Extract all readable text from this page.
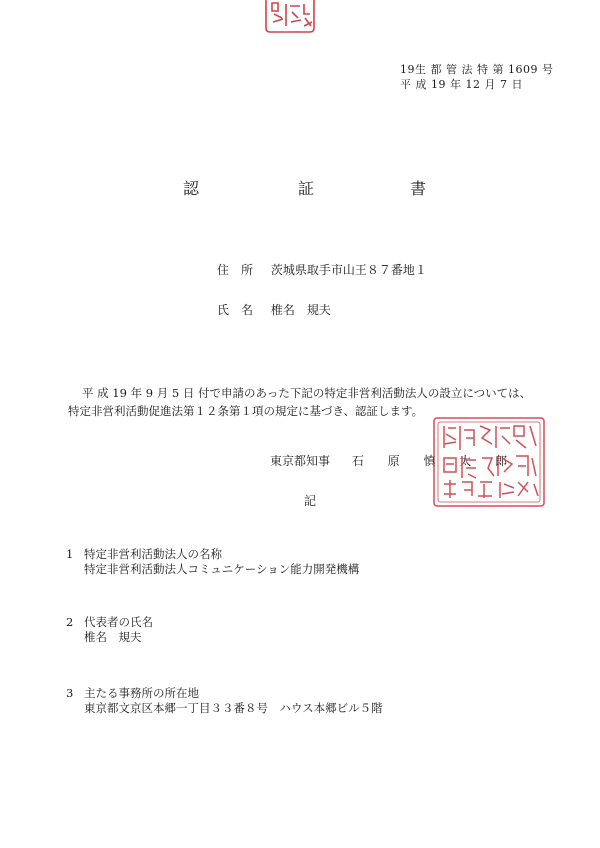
19生 都 管 法 特 第 1609 号
平 成 19 年 12 月 7 日
認	証	書
住　所 茨城県取手市山王８７番地１
氏　名 椎名　規夫
平 成 19 年 9 月 5 日 付で申請のあった下記の特定非営利活動法人の設立については、
特定非営利活動促進法第１２条第１項の規定に基づき、認証します。
東京都知事 石 原 慎 太 郎
記
1 特定非営利活動法人の名称
特定非営利活動法人コミュニケーション能力開発機構
2 代表者の氏名
椎名　規夫
3 主たる事務所の所在地
東京都文京区本郷一丁目３３番８号　ハウス本郷ビル５階
